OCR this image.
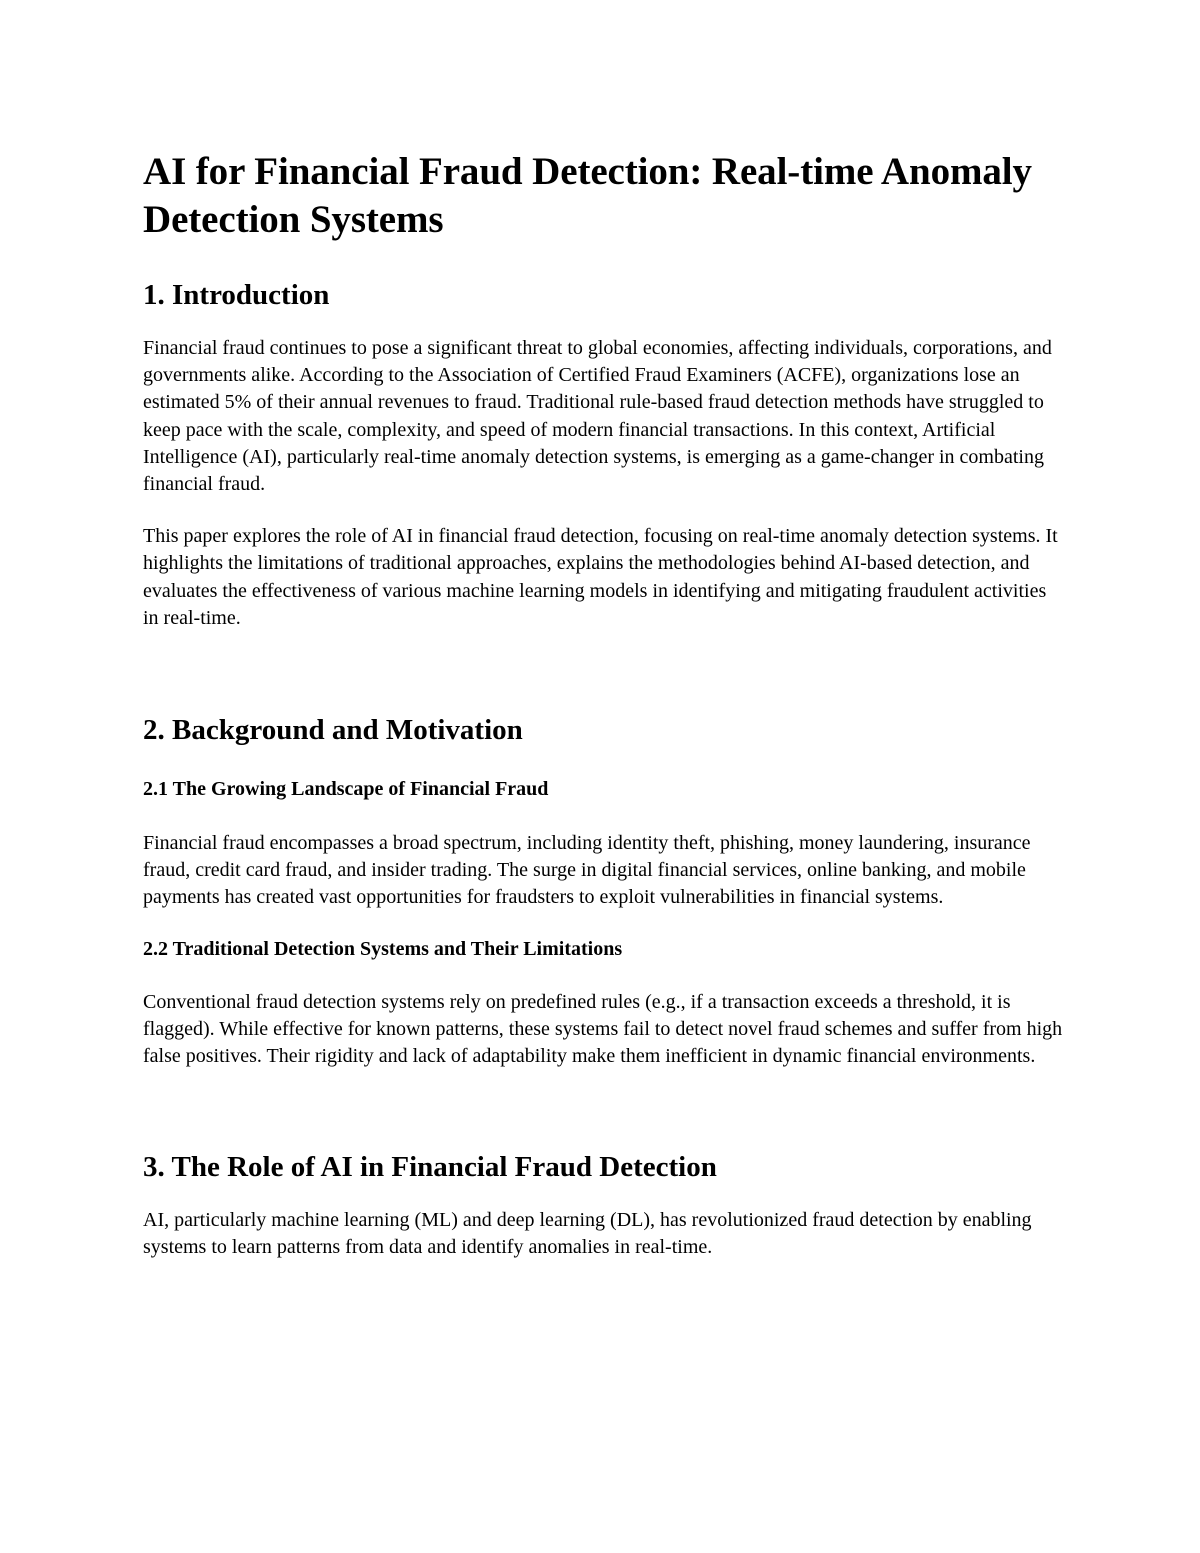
AI for Financial Fraud Detection: Real-time Anomaly Detection Systems
1. Introduction

Financial fraud continues to pose a significant threat to global economies, affecting individuals, corporations, and governments alike. According to the Association of Certified Fraud Examiners (ACFE), organizations lose an estimated 5% of their annual revenues to fraud. Traditional rule-based fraud detection methods have struggled to keep pace with the scale, complexity, and speed of modern financial transactions. In this context, Artificial Intelligence (AI), particularly real-time anomaly detection systems, is emerging as a game-changer in combating financial fraud.

This paper explores the role of AI in financial fraud detection, focusing on real-time anomaly detection systems. It highlights the limitations of traditional approaches, explains the methodologies behind AI-based detection, and evaluates the effectiveness of various machine learning models in identifying and mitigating fraudulent activities in real-time.

2. Background and Motivation
2.1 The Growing Landscape of Financial Fraud

Financial fraud encompasses a broad spectrum, including identity theft, phishing, money laundering, insurance fraud, credit card fraud, and insider trading. The surge in digital financial services, online banking, and mobile payments has created vast opportunities for fraudsters to exploit vulnerabilities in financial systems.

2.2 Traditional Detection Systems and Their Limitations

Conventional fraud detection systems rely on predefined rules (e.g., if a transaction exceeds a threshold, it is flagged). While effective for known patterns, these systems fail to detect novel fraud schemes and suffer from high false positives. Their rigidity and lack of adaptability make them inefficient in dynamic financial environments.

3. The Role of AI in Financial Fraud Detection

AI, particularly machine learning (ML) and deep learning (DL), has revolutionized fraud detection by enabling systems to learn patterns from data and identify anomalies in real-time.
